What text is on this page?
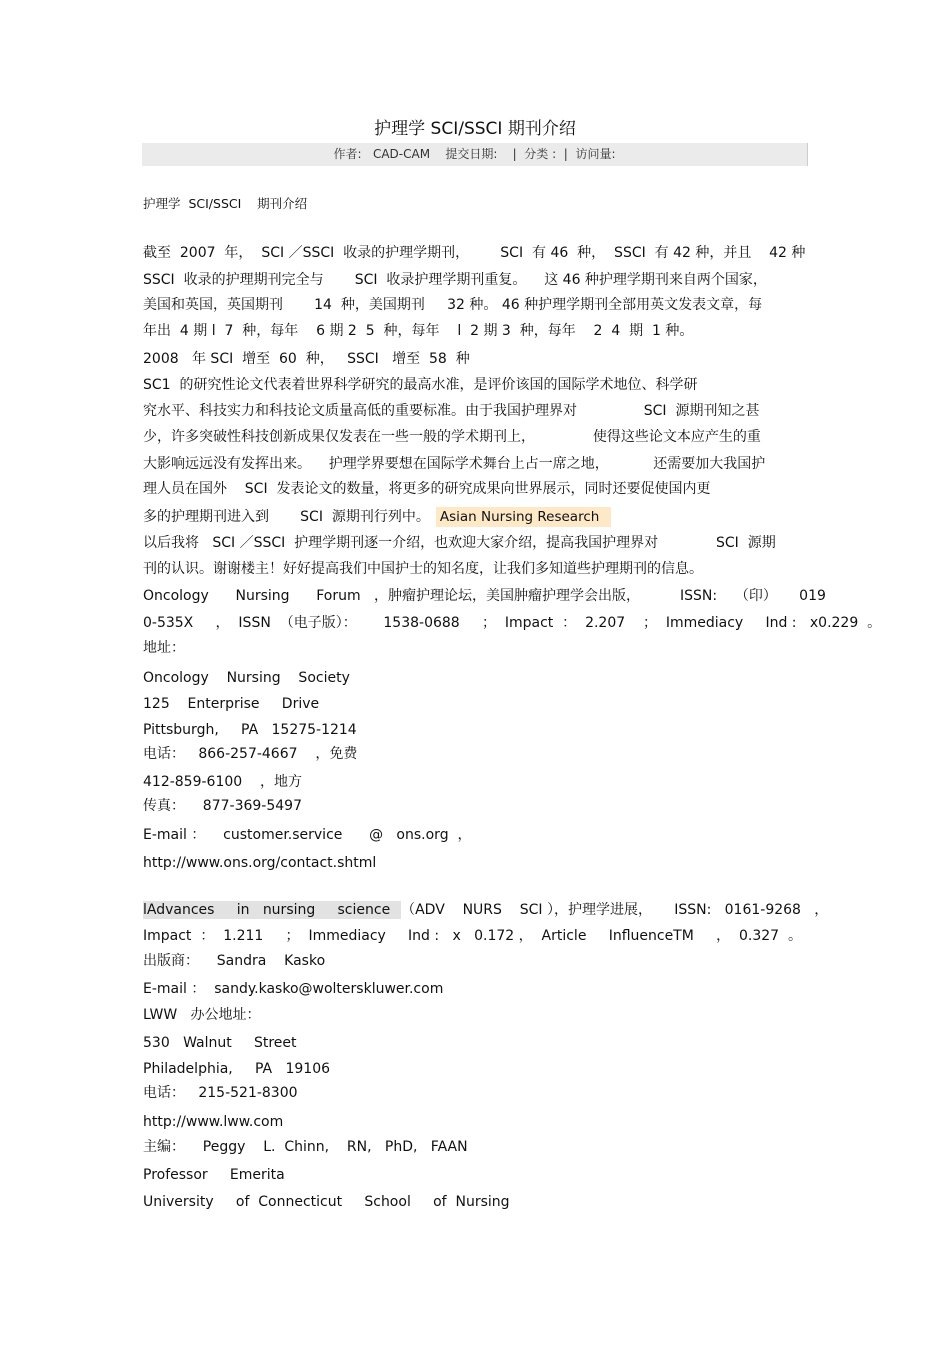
护理学 SCI/SSCI 期刊介绍
作者:   CAD-CAM    提交日期:    |  分类 :  |  访问量:

护理学  SCI/SSCI    期刊介绍

截至  2007  年，  SCI ／SSCI  收录的护理学期刊，       SCI  有 46  种，  SSCI  有 42 种，并且    42 种

SSCI  收录的护理期刊完全与       SCI  收录护理学期刊重复。    这 46 种护理学期刊来自两个国家，

美国和英国，英国期刊       14  种，美国期刊     32 种。 46 种护理学期刊全部用英文发表文章，每

年出  4 期 l  7  种，每年    6 期 2  5  种，每年    l  2 期 3  种，每年    2  4  期  1 种。

2008   年 SCI  增至  60  种，   SSCI   增至  58  种

SC1  的研究性论文代表着世界科学研究的最高水准，是评价该国的国际学术地位、科学研

究水平、科技实力和科技论文质量高低的重要标准。由于我国护理界对               SCI  源期刊知之甚

少，许多突破性科技创新成果仅发表在一些一般的学术期刊上，             使得这些论文本应产生的重

大影响远远没有发挥出来。    护理学界要想在国际学术舞台上占一席之地，          还需要加大我国护

理人员在国外    SCI  发表论文的数量，将更多的研究成果向世界展示，同时还要促使国内更

多的护理期刊进入到       SCI  源期刊行列中。 Asian Nursing Research

以后我将   SCI ／SSCI  护理学期刊逐一介绍，也欢迎大家介绍，提高我国护理界对             SCI  源期

刊的认识。谢谢楼主！好好提高我们中国护士的知名度，让我们多知道些护理期刊的信息。

Oncology      Nursing      Forum   ，肿瘤护理论坛，美国肿瘤护理学会出版，         ISSN:    （印）     019

0-535X     ，  ISSN  （电子版）：      1538-0688     ；  Impact  ：  2.207    ；  Immediacy     Ind :   x0.229  。

地址：

Oncology    Nursing    Society

125    Enterprise     Drive

Pittsburgh,     PA   15275-1214

电话：   866-257-4667    ，免费

412-859-6100    ，地方

传真：    877-369-5497

E-mail ：    customer.service      @   ons.org  ，

http://www.ons.org/contact.shtml

lAdvances     in   nursing     science  （ADV    NURS    SCI ），护理学进展，     ISSN:   0161-9268   ，

Impact  ：  1.211     ；  Immediacy     Ind :   x   0.172 ，  Article     InfluenceTM     ，  0.327  。

出版商：    Sandra    Kasko

E-mail ：  sandy.kasko@wolterskluwer.com

LWW   办公地址：

530   Walnut     Street

Philadelphia,     PA   19106

电话：   215-521-8300

http://www.lww.com

主编：    Peggy    L.  Chinn,    RN,   PhD,   FAAN

Professor     Emerita

University     of  Connecticut     School     of  Nursing
